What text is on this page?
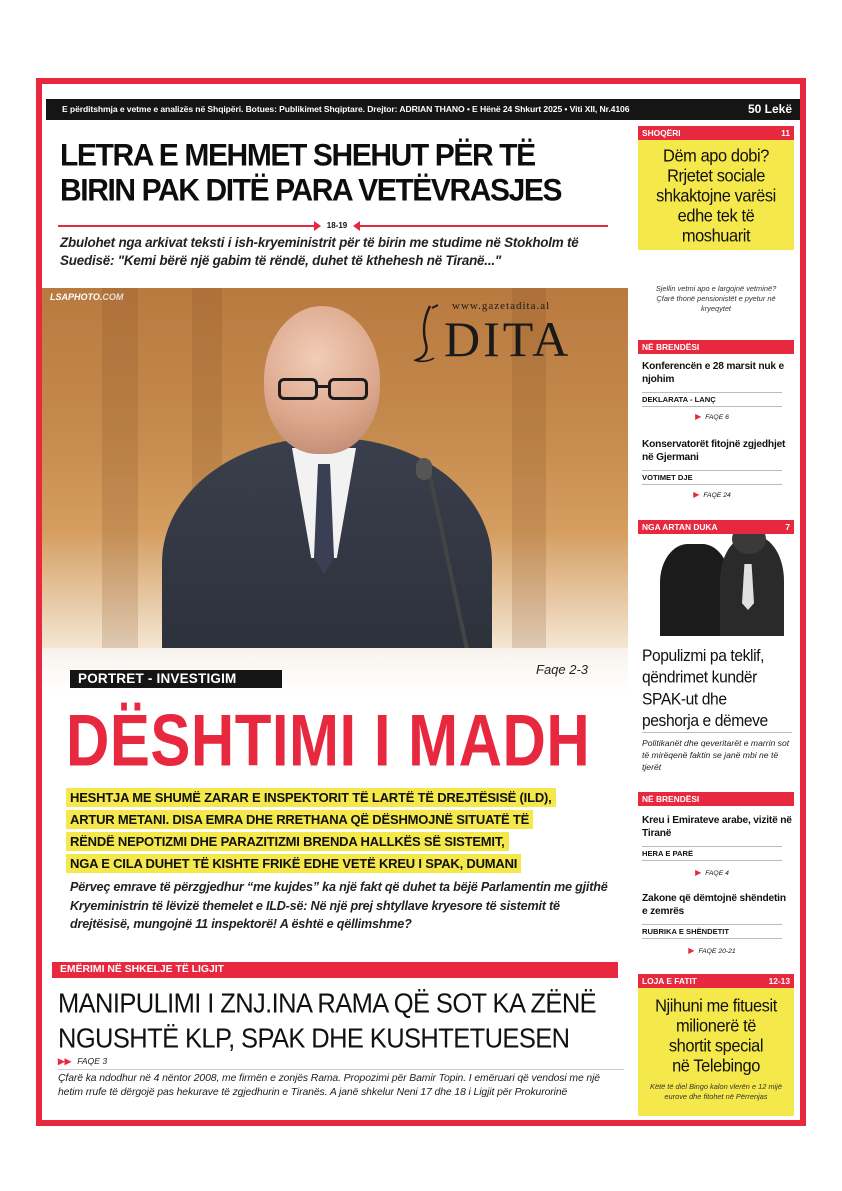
E përditshmja e vetme e analizës në Shqipëri. Botues: Publikimet Shqiptare. Drejtor: ADRIAN THANO • E Hënë 24 Shkurt 2025 • Viti XII, Nr.4106	50 Lekë
LETRA E MEHMET SHEHUT PËR TË
BIRIN PAK DITË PARA VETËVRASJES
18-19
Zbulohet nga arkivat teksti i ish-kryeministrit për të birin me studime në Stokholm të Suedisë: "Kemi bërë një gabim të rëndë, duhet të kthehesh në Tiranë..."
LSAPHOTO.COM
www.gazetadita.al
DITA
Faqe 2-3
PORTRET - INVESTIGIM
DËSHTIMI I MADH
HESHTJA ME SHUMË ZARAR E INSPEKTORIT TË LARTË TË DREJTËSISË (ILD),
ARTUR METANI. DISA EMRA DHE RRETHANA QË DËSHMOJNË SITUATË TË
RËNDË NEPOTIZMI DHE PARAZITIZMI BRENDA HALLKËS SË SISTEMIT,
NGA E CILA DUHET TË KISHTE FRIKË EDHE VETË KREU I SPAK, DUMANI
Përveç emrave të përzgjedhur “me kujdes” ka një fakt që duhet ta bëjë Parlamentin me gjithë Kryeministrin të lëvizë themelet e ILD-së: Në një prej shtyllave kryesore të sistemit të drejtësisë, mungojnë 11 inspektorë! A është e qëllimshme?
EMËRIMI NË SHKELJE TË LIGJIT
MANIPULIMI I ZNJ.INA RAMA QË SOT KA ZËNË
NGUSHTË KLP, SPAK DHE KUSHTETUESEN
▶▶ FAQE 3
Çfarë ka ndodhur në 4 nëntor 2008, me firmën e zonjës Rama. Propozimi për Bamir Topin. I emëruari që vendosi me një hetim rrufe të dërgojë pas hekurave të zgjedhurin e Tiranës. A janë shkelur Neni 17 dhe 18 i Ligjit për Prokurorinë
SHOQËRI	11
Dëm apo dobi?
Rrjetet sociale
shkaktojne varësi
edhe tek të
moshuarit
Sjellin vetmi apo e largojnë vetminë? Çfarë thonë pensionistët e pyetur në kryeqytet
NË BRENDËSI
Konferencën e 28 marsit nuk e njohim
DEKLARATA - LANÇ
▶ FAQE 6
Konservatorët fitojnë zgjedhjet në Gjermani
VOTIMET DJE
▶ FAQE 24
NGA ARTAN DUKA	7
Populizmi pa teklif,
qëndrimet kundër
SPAK-ut dhe
peshorja e dëmeve
Politikanët dhe qeveritarët e marrin sot të mirëqenë faktin se janë mbi ne të tjerët
NË BRENDËSI
Kreu i Emirateve arabe, vizitë në Tiranë
HERA E PARË
▶ FAQE 4
Zakone që dëmtojnë shëndetin e zemrës
RUBRIKA E SHËNDETIT
▶ FAQE 20-21
LOJA E FATIT	12-13
Njihuni me fituesit
milionerë të
shortit special
në Telebingo
Këtë të diel Bingo kalon vlerën e 12 mijë eurove dhe fitohet në Përrenjas
